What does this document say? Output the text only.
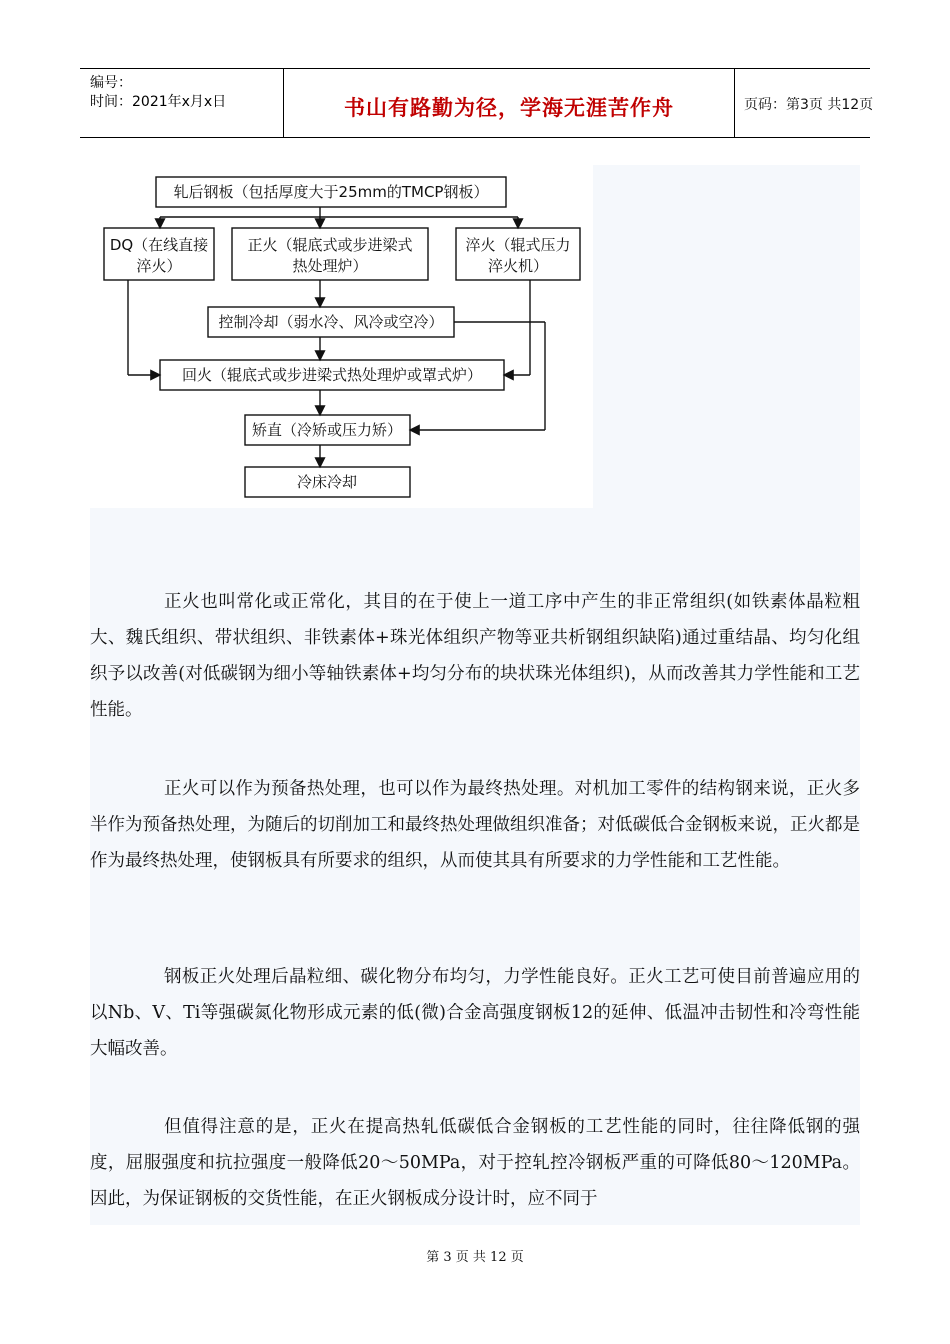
编号：
时间：2021年x月x日	书山有路勤为径，学海无涯苦作舟	页码：第3页 共12页
轧后钢板（包括厚度大于25mm的TMCP钢板）
DQ（在线直接
淬火）
正火（辊底式或步进梁式
热处理炉）
淬火（辊式压力
淬火机）
控制冷却（弱水冷、风冷或空冷）
回火（辊底式或步进梁式热处理炉或罩式炉）
矫直（冷矫或压力矫）
冷床冷却

正火也叫常化或正常化，其目的在于使上一道工序中产生的非正常组织(如铁素体晶粒粗大、魏氏组织、带状组织、非铁素体+珠光体组织产物等亚共析钢组织缺陷)通过重结晶、均匀化组织予以改善(对低碳钢为细小等轴铁素体+均匀分布的块状珠光体组织)，从而改善其力学性能和工艺性能。

正火可以作为预备热处理，也可以作为最终热处理。对机加工零件的结构钢来说，正火多半作为预备热处理，为随后的切削加工和最终热处理做组织准备；对低碳低合金钢板来说，正火都是作为最终热处理，使钢板具有所要求的组织，从而使其具有所要求的力学性能和工艺性能。

钢板正火处理后晶粒细、碳化物分布均匀，力学性能良好。正火工艺可使目前普遍应用的以Nb、V、Ti等强碳氮化物形成元素的低(微)合金高强度钢板12的延伸、低温冲击韧性和冷弯性能大幅改善。

但值得注意的是，正火在提高热轧低碳低合金钢板的工艺性能的同时，往往降低钢的强度，屈服强度和抗拉强度一般降低20～50MPa，对于控轧控冷钢板严重的可降低80～120MPa。因此，为保证钢板的交货性能，在正火钢板成分设计时，应不同于

第 3 页 共 12 页
